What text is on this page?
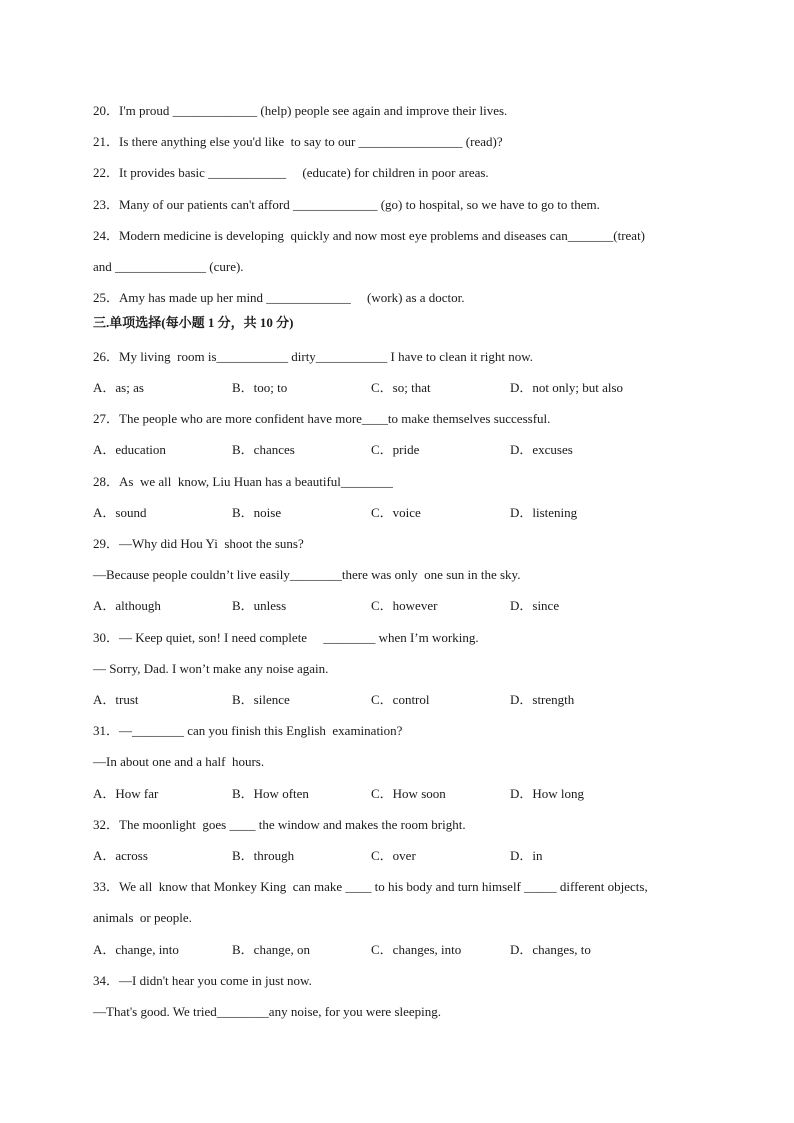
20．I'm proud _____________ (help) people see again and improve their lives.
21．Is there anything else you'd like  to say to our ________________ (read)?
22．It provides basic ____________     (educate) for children in poor areas.
23．Many of our patients can't afford _____________ (go) to hospital, so we have to go to them.
24．Modern medicine is developing  quickly and now most eye problems and diseases can_______(treat)
and ______________ (cure).
25．Amy has made up her mind _____________     (work) as a doctor.
三.单项选择(每小题 1 分，共 10 分)
26．My living  room is___________ dirty___________ I have to clean it right now.
A．as; as	B．too; to	C．so; that	D．not only; but also
27．The people who are more confident have more____to make themselves successful.
A．education	B．chances	C．pride	D．excuses
28．As  we all  know, Liu Huan has a beautiful________
A．sound	B．noise	C．voice	D．listening
29．—Why did Hou Yi  shoot the suns?
—Because people couldn’t live easily________there was only  one sun in the sky.
A．although	B．unless	C．however	D．since
30．— Keep quiet, son! I need complete     ________ when I’m working.
— Sorry, Dad. I won’t make any noise again.
A．trust	B．silence	C．control	D．strength
31．—________ can you finish this English  examination?
—In about one and a half  hours.
A．How far	B．How often	C．How soon	D．How long
32．The moonlight  goes ____ the window and makes the room bright.
A．across	B．through	C．over	D．in
33．We all  know that Monkey King  can make ____ to his body and turn himself _____ different objects,
animals  or people.
A．change, into	B．change, on	C．changes, into	D．changes, to
34．—I didn't hear you come in just now.
—That's good. We tried________any noise, for you were sleeping.
